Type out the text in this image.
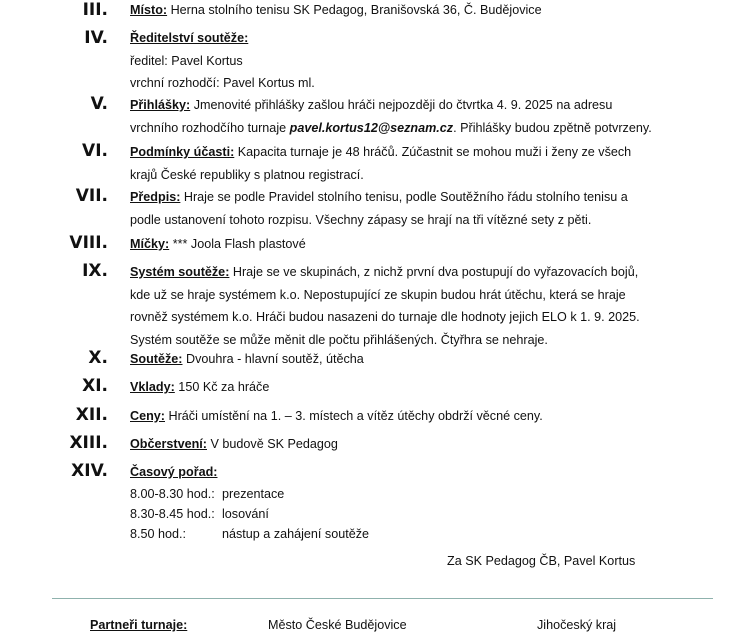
III. Místo: Herna stolního tenisu SK Pedagog, Branišovská 36, Č. Budějovice
IV. Ředitelství soutěže:
ředitel: Pavel Kortus
vrchní rozhodčí: Pavel Kortus ml.
V. Přihlášky: Jmenovité přihlášky zašlou hráči nejpozději do čtvrtka 4. 9. 2025 na adresu vrchního rozhodčího turnaje pavel.kortus12@seznam.cz. Přihlášky budou zpětně potvrzeny.
VI. Podmínky účasti: Kapacita turnaje je 48 hráčů. Zúčastnit se mohou muži i ženy ze všech krajů České republiky s platnou registrací.
VII. Předpis: Hraje se podle Pravidel stolního tenisu, podle Soutěžního řádu stolního tenisu a podle ustanovení tohoto rozpisu. Všechny zápasy se hrají na tři vítězné sety z pěti.
VIII. Míčky: *** Joola Flash plastové
IX. Systém soutěže: Hraje se ve skupinách, z nichž první dva postupují do vyřazovacích bojů, kde už se hraje systémem k.o. Nepostupující ze skupin budou hrát útěchu, která se hraje rovněž systémem k.o. Hráči budou nasazeni do turnaje dle hodnoty jejich ELO k 1. 9. 2025. Systém soutěže se může měnit dle počtu přihlášených. Čtyřhra se nehraje.
X. Soutěže: Dvouhra - hlavní soutěž, útěcha
XI. Vklady: 150 Kč za hráče
XII. Ceny: Hráči umístění na 1. – 3. místech a vítěz útěchy obdrží věcné ceny.
XIII. Občerstvení: V budově SK Pedagog
XIV. Časový pořad:
8.00-8.30 hod.: prezentace
8.30-8.45 hod.: losování
8.50 hod.:	nástup a zahájení soutěže
Za SK Pedagog ČB, Pavel Kortus
Partneři turnaje:	Město České Budějovice	Jihočeský kraj
